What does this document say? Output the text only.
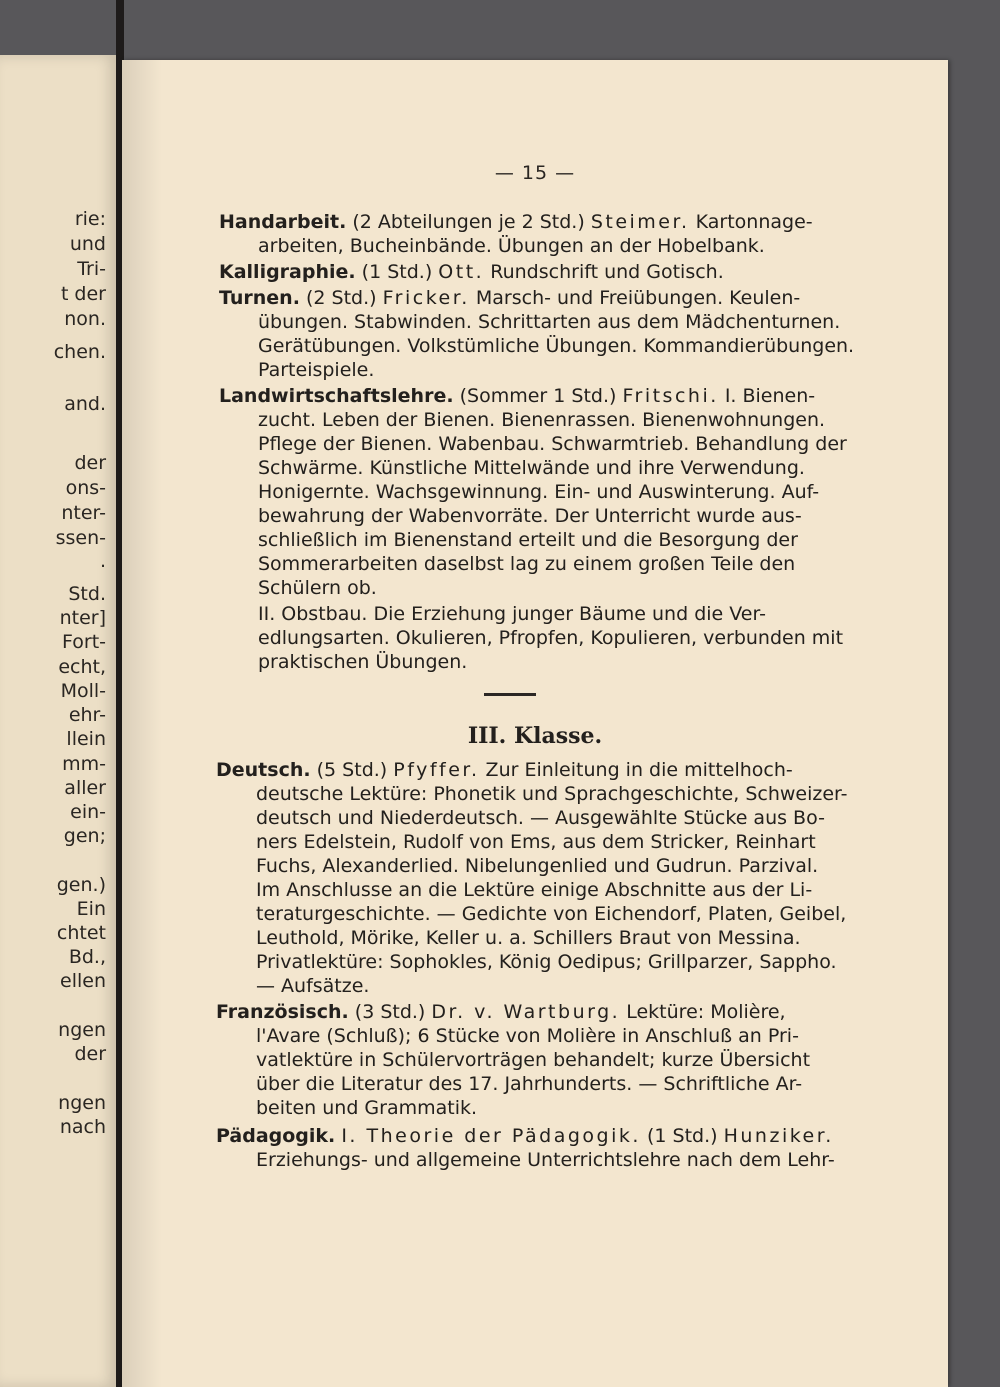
rie:
und
Tri-
t der
non.
chen.
and.
der
ons-
nter-
ssen-
.
Std.
nter]
Fort-
echt,
Moll-
ehr-
llein
mm-
aller
ein-
gen;
gen.)
Ein
chtet
Bd.,
ellen
ngen
der
ngen
nach
— 15 —
Handarbeit. (2 Abteilungen je 2 Std.) Steimer. Kartonnage-
arbeiten, Bucheinbände. Übungen an der Hobelbank.
Kalligraphie. (1 Std.) Ott. Rundschrift und Gotisch.
Turnen. (2 Std.) Fricker. Marsch- und Freiübungen. Keulen-
übungen. Stabwinden. Schrittarten aus dem Mädchenturnen.
Gerätübungen. Volkstümliche Übungen. Kommandierübungen.
Parteispiele.
Landwirtschaftslehre. (Sommer 1 Std.) Fritschi. I. Bienen-
zucht. Leben der Bienen. Bienenrassen. Bienenwohnungen.
Pflege der Bienen. Wabenbau. Schwarmtrieb. Behandlung der
Schwärme. Künstliche Mittelwände und ihre Verwendung.
Honigernte. Wachsgewinnung. Ein- und Auswinterung. Auf-
bewahrung der Wabenvorräte. Der Unterricht wurde aus-
schließlich im Bienenstand erteilt und die Besorgung der
Sommerarbeiten daselbst lag zu einem großen Teile den
Schülern ob.
II. Obstbau. Die Erziehung junger Bäume und die Ver-
edlungsarten. Okulieren, Pfropfen, Kopulieren, verbunden mit
praktischen Übungen.
III. Klasse.
Deutsch. (5 Std.) Pfyffer. Zur Einleitung in die mittelhoch-
deutsche Lektüre: Phonetik und Sprachgeschichte, Schweizer-
deutsch und Niederdeutsch. — Ausgewählte Stücke aus Bo-
ners Edelstein, Rudolf von Ems, aus dem Stricker, Reinhart
Fuchs, Alexanderlied. Nibelungenlied und Gudrun. Parzival.
Im Anschlusse an die Lektüre einige Abschnitte aus der Li-
teraturgeschichte. — Gedichte von Eichendorf, Platen, Geibel,
Leuthold, Mörike, Keller u. a. Schillers Braut von Messina.
Privatlektüre: Sophokles, König Oedipus; Grillparzer, Sappho.
— Aufsätze.
Französisch. (3 Std.) Dr. v. Wartburg. Lektüre: Molière,
l'Avare (Schluß); 6 Stücke von Molière in Anschluß an Pri-
vatlektüre in Schülervorträgen behandelt; kurze Übersicht
über die Literatur des 17. Jahrhunderts. — Schriftliche Ar-
beiten und Grammatik.
Pädagogik. I. Theorie der Pädagogik. (1 Std.) Hunziker.
Erziehungs- und allgemeine Unterrichtslehre nach dem Lehr-
